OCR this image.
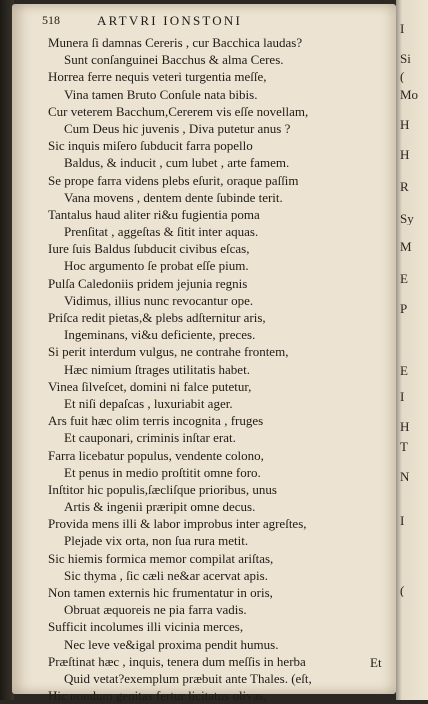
518	ARTVRI IONSTONI
Munera ſi damnas Cereris , cur Bacchica laudas?
Sunt conſanguinei Bacchus & alma Ceres.
Horrea ferre nequis veteri turgentia meſſe,
Vina tamen Bruto Conſule nata bibis.
Cur veterem Bacchum,Cererem vis eſſe novellam,
Cum Deus hic juvenis , Diva putetur anus ?
Sic inquis miſero ſubducit farra popello
Baldus, & inducit , cum lubet , arte famem.
Se prope farra videns plebs eſurit, oraque paſſim
Vana movens , dentem dente ſubinde terit.
Tantalus haud aliter ri&u fugientia poma
Prenſitat , aggeſtas & ſitit inter aquas.
Iure ſuis Baldus ſubducit civibus eſcas,
Hoc argumento ſe probat eſſe pium.
Pulſa Caledoniis pridem jejunia regnis
Vidimus, illius nunc revocantur ope.
Priſca redit pietas,& plebs adſternitur aris,
Ingeminans, vi&u deficiente, preces.
Si perit interdum vulgus, ne contrahe frontem,
Hæc nimium ſtrages utilitatis habet.
Vinea ſilveſcet, domini ni falce putetur,
Et niſi depaſcas , luxuriabit ager.
Ars fuit hæc olim terris incognita , fruges
Et cauponari, criminis inſtar erat.
Farra licebatur populus, vendente colono,
Et penus in medio proſtitit omne foro.
Inſtitor hic populis,ſæcliſque prioribus, unus
Artis & ingenii præripit omne decus.
Provida mens illi & labor improbus inter agreſtes,
Plejade vix orta, non ſua rura metit.
Sic hiemis formica memor compilat ariſtas,
Sic thyma , ſic cæli ne&ar acervat apis.
Non tamen externis hic frumentatur in oris,
Obruat æquoreis ne pia farra vadis.
Sufficit incolumes illi vicinia merces,
Nec leve ve&igal proxima pendit humus.
Præſtinat hæc , inquis, tenera dum meſſis in herba
Quid vetat?exemplum præbuit ante Thales. (eſt,
Hic nondum genitas fertur licitatus olivas,
Et
I
Si
(
Mo
H
H
R
Sy
M
E
P
E
I
H
T
N
I
(
